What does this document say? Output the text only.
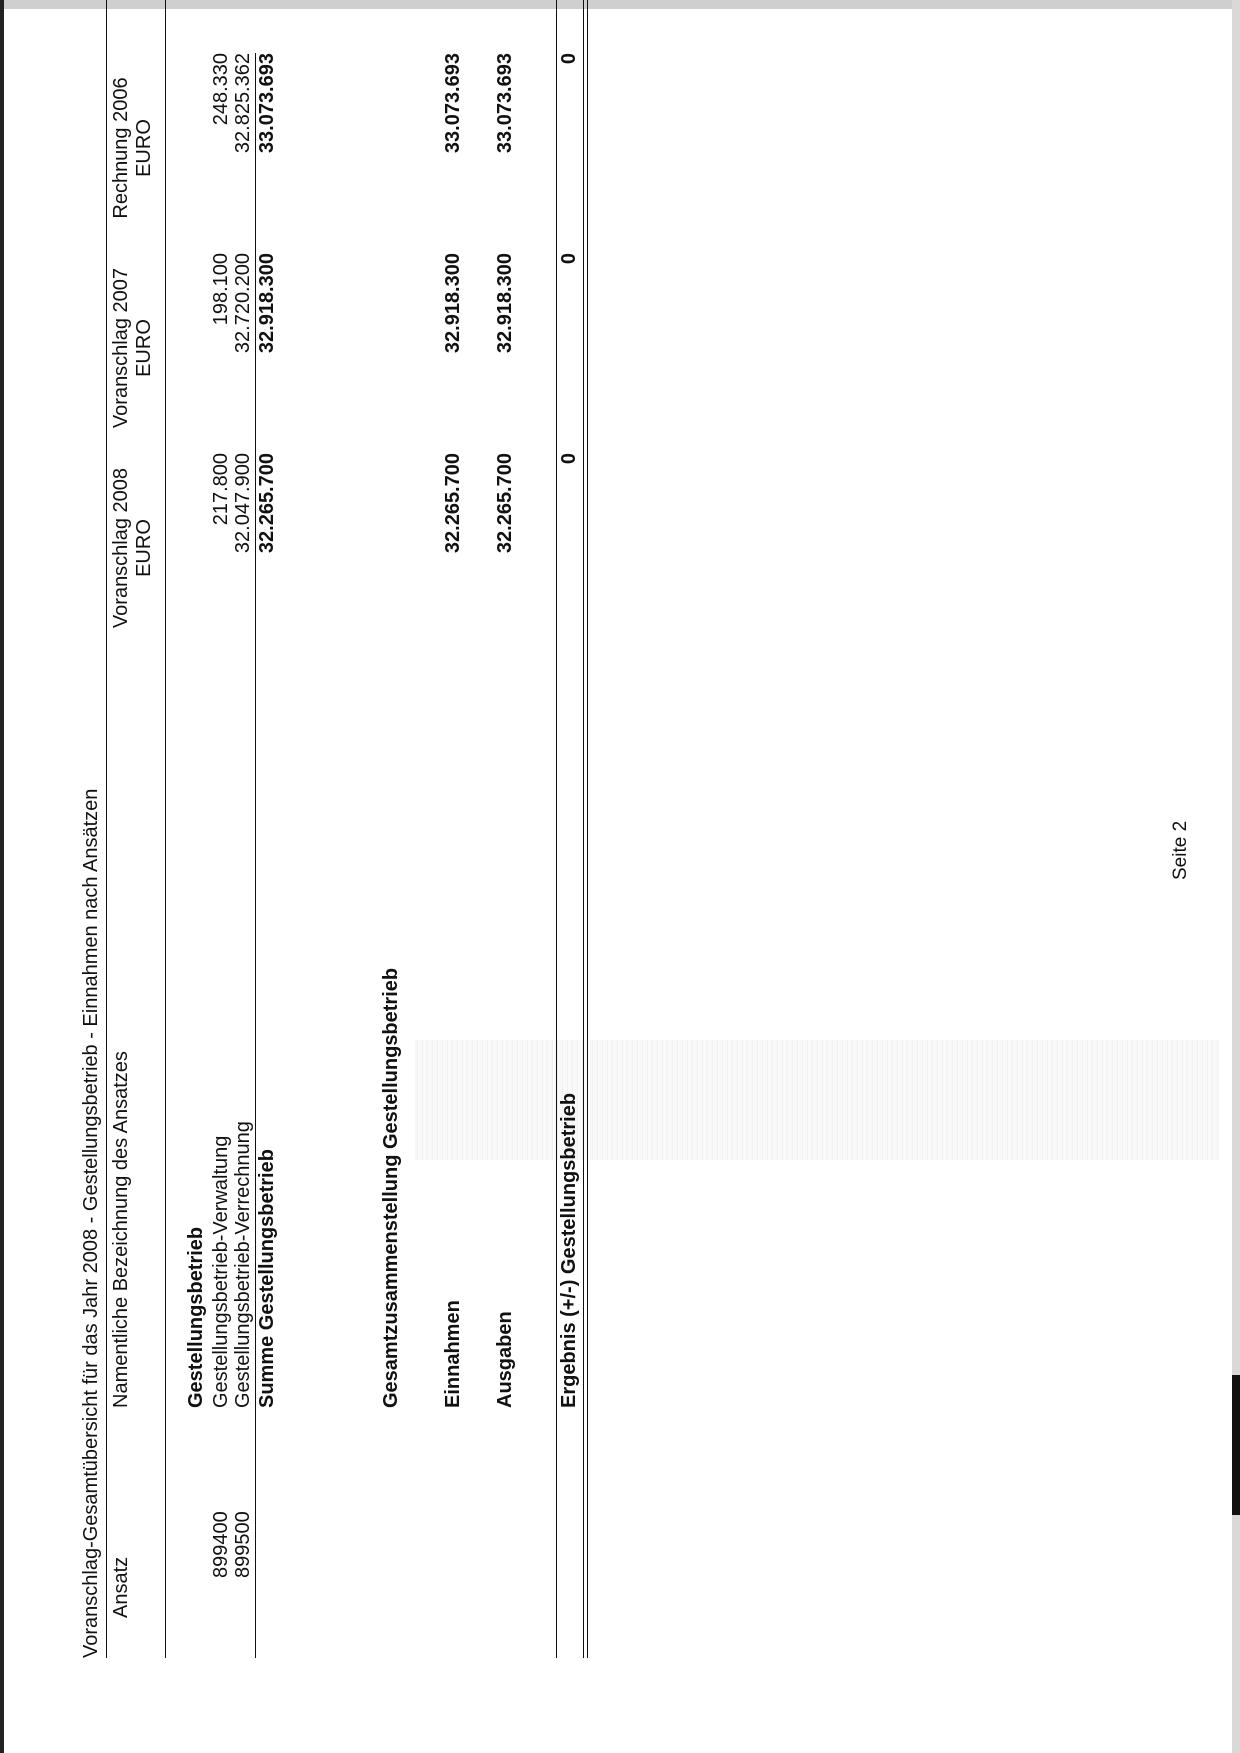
Voranschlag-Gesamtübersicht für das Jahr 2008 - Gestellungsbetrieb - Einnahmen nach Ansätzen Ansatz
Namentliche Bezeichnung des Ansatzes
Voranschlag 2008 EURO
Voranschlag 2007 EURO
Rechnung 2006 EURO
Gestellungsbetrieb
899400
Gestellungsbetrieb-Verwaltung
217.800
198.100
248.330
899500
Gestellungsbetrieb-Verrechnung
32.047.900
32.720.200
32.825.362
Summe Gestellungsbetrieb
32.265.700
32.918.300
33.073.693
Gesamtzusammenstellung Gestellungsbetrieb Einnahmen
32.265.700
32.918.300
33.073.693
Ausgaben
32.265.700
32.918.300
33.073.693
Ergebnis (+/-) Gestellungsbetrieb
0
0
0
Seite 2
